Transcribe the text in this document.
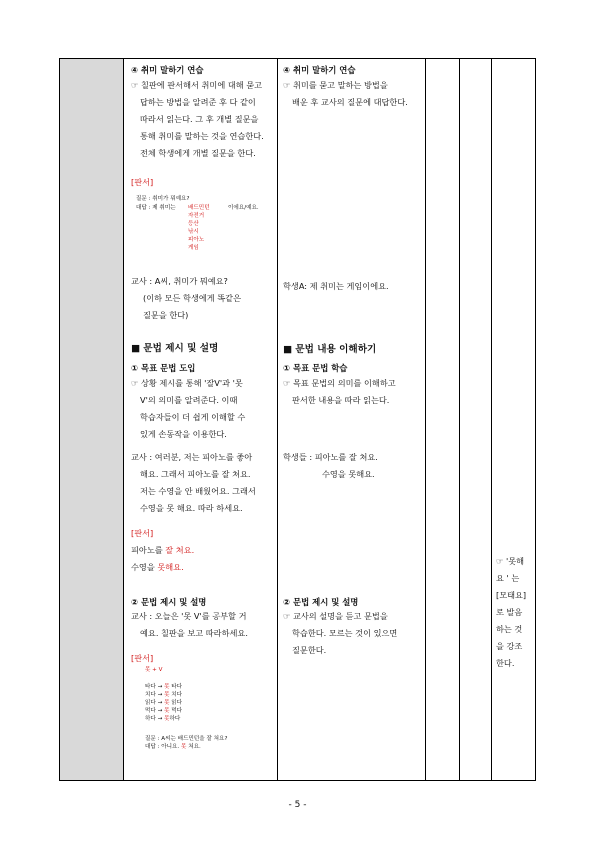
④ 취미 말하기 연습
☞ 칠판에 판서해서 취미에 대해 묻고
답하는 방법을 알려준 후 다 같이
따라서 읽는다. 그 후 개별 질문을
통해 취미를 말하는 것을 연습한다.
전체 학생에게 개별 질문을 한다.
[판서]
질문 : 취미가 뭐예요?
대답 : 제 취미는	이에요/예요.
배드민턴
자전거
등산
낚시
피아노
게임
교사 : A씨, 취미가 뭐예요?
(이하 모든 학생에게 똑같은
질문을 한다)
■ 문법 제시 및 설명
① 목표 문법 도입
☞ 상황 제시를 통해 '잘V'과 '못
V'의 의미를 알려준다. 이때
학습자들이 더 쉽게 이해할 수
있게 손동작을 이용한다.
교사 : 여러분, 저는 피아노를 좋아
해요. 그래서 피아노를 잘 쳐요.
저는 수영을 안 배웠어요. 그래서
수영을 못 해요. 따라 하세요.
[판서]
피아노를 잘 쳐요.
수영을 못해요.
② 문법 제시 및 설명
교사 : 오늘은 '못 V'를 공부할 거
예요. 칠판을 보고 따라하세요.
[판서]
못 + V
타다 → 못 타다
치다 → 못 치다
읽다 → 못 읽다
먹다 → 못 먹다
하다 → 못하다
질문 : A씨는 배드민턴을 잘 쳐요?
대답 : 아니요. 못 쳐요.
④ 취미 말하기 연습
☞ 취미를 묻고 말하는 방법을
배운 후 교사의 질문에 대답한다.
학생A: 제 취미는 게임이에요.
■ 문법 내용 이해하기
① 목표 문법 학습
☞ 목표 문법의 의미를 이해하고
판서한 내용을 따라 읽는다.
학생들 : 피아노를 잘 쳐요.
수영을 못해요.
② 문법 제시 및 설명
☞ 교사의 설명을 듣고 문법을
학습한다. 모르는 것이 있으면
질문한다.
☞ '못해
요 ' 는
[모태요]
로 발음
하는 것
을 강조
한다.
- 5 -
